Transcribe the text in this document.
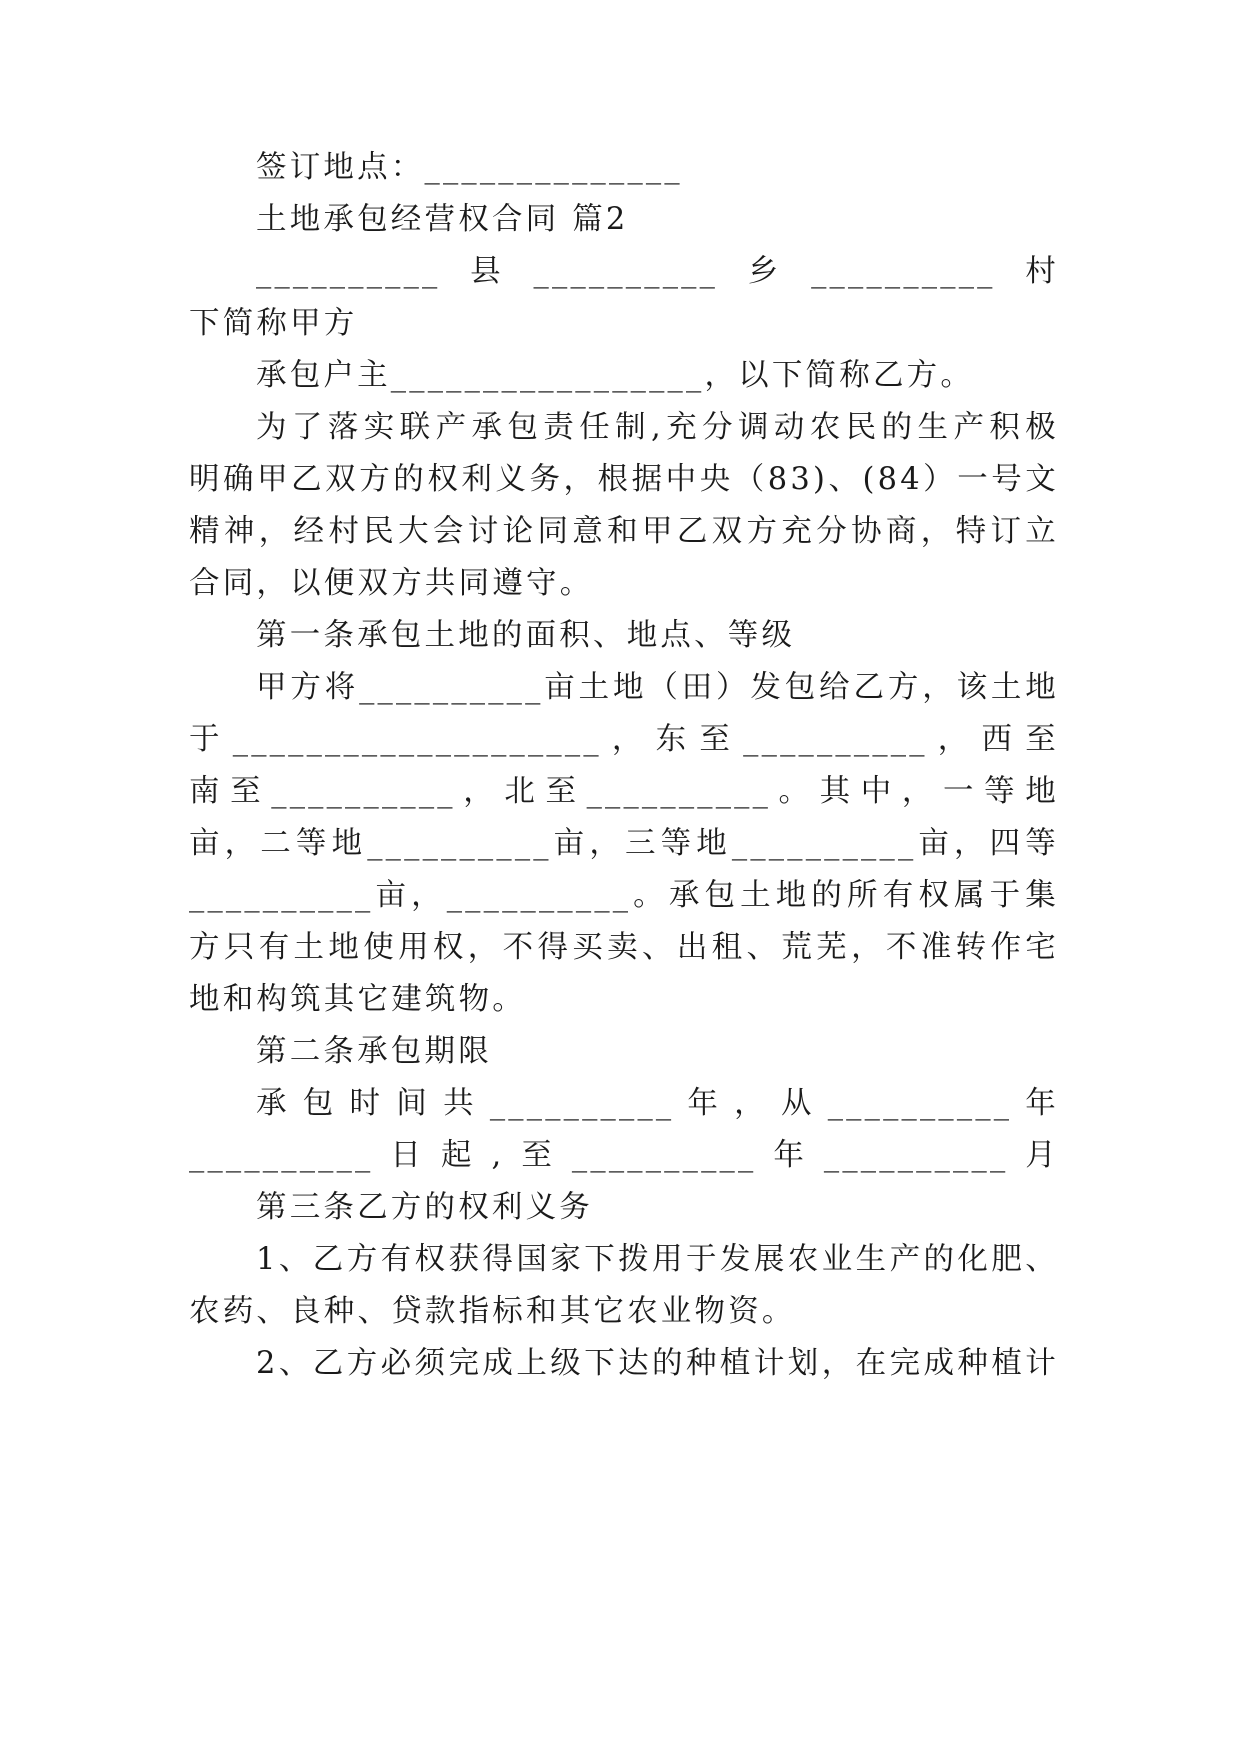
签订地点：______________
土地承包经营权合同 篇2
__________县__________乡__________村
下简称甲方
承包户主_________________，以下简称乙方。
为了落实联产承包责任制,充分调动农民的生产积极
明确甲乙双方的权利义务，根据中央（83)、(84）一号文
精神，经村民大会讨论同意和甲乙双方充分协商，特订立
合同，以便双方共同遵守。
第一条承包土地的面积、地点、等级
甲方将__________亩土地（田）发包给乙方，该土地
于____________________，东至__________，西至
南至__________，北至__________。其中，一等地
亩，二等地__________亩，三等地__________亩，四等
__________亩，__________。承包土地的所有权属于集
方只有土地使用权，不得买卖、出租、荒芜，不准转作宅
地和构筑其它建筑物。
第二条承包期限
承包时间共__________年，从__________年
__________日起,至__________年__________月
第三条乙方的权利义务
1、乙方有权获得国家下拨用于发展农业生产的化肥、
农药、良种、贷款指标和其它农业物资。
2、乙方必须完成上级下达的种植计划，在完成种植计
